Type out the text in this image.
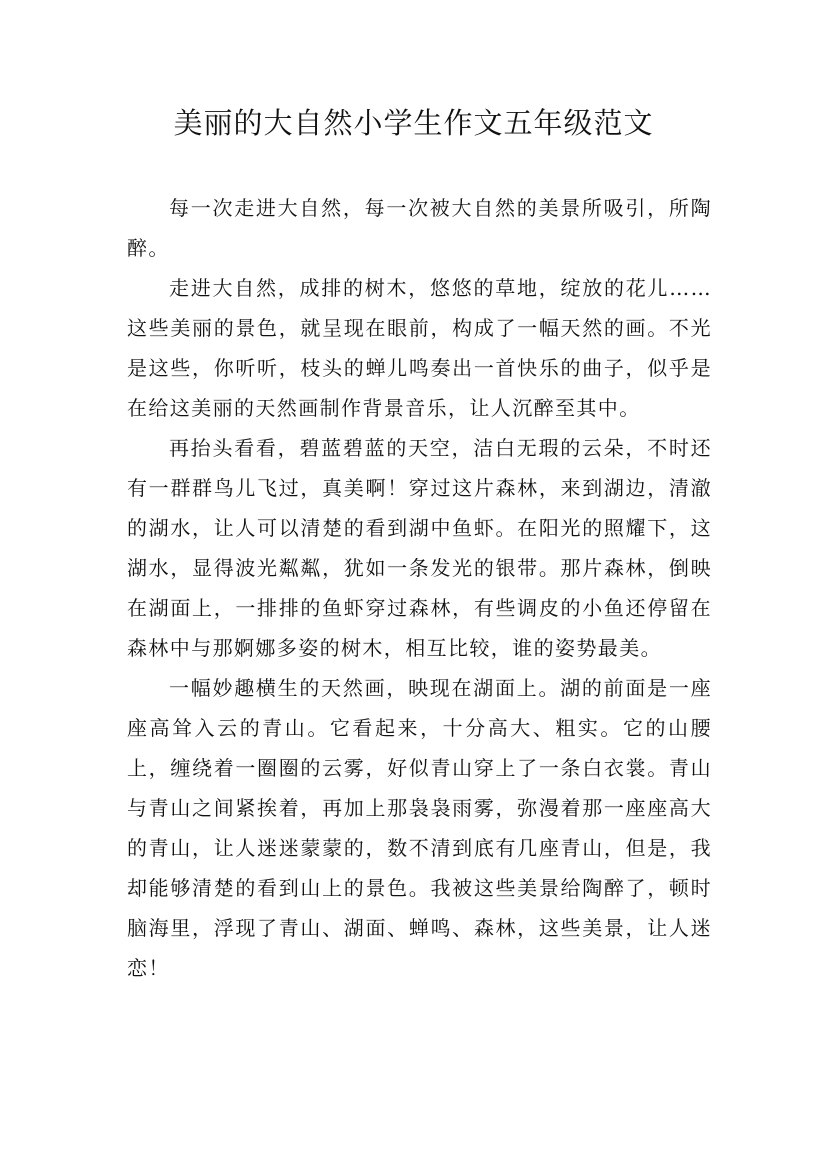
美丽的大自然小学生作文五年级范文

每一次走进大自然，每一次被大自然的美景所吸引，所陶醉。

走进大自然，成排的树木，悠悠的草地，绽放的花儿……这些美丽的景色，就呈现在眼前，构成了一幅天然的画。不光是这些，你听听，枝头的蝉儿鸣奏出一首快乐的曲子，似乎是在给这美丽的天然画制作背景音乐，让人沉醉至其中。

再抬头看看，碧蓝碧蓝的天空，洁白无瑕的云朵，不时还有一群群鸟儿飞过，真美啊！穿过这片森林，来到湖边，清澈的湖水，让人可以清楚的看到湖中鱼虾。在阳光的照耀下，这湖水，显得波光粼粼，犹如一条发光的银带。那片森林，倒映在湖面上，一排排的鱼虾穿过森林，有些调皮的小鱼还停留在森林中与那婀娜多姿的树木，相互比较，谁的姿势最美。

一幅妙趣横生的天然画，映现在湖面上。湖的前面是一座座高耸入云的青山。它看起来，十分高大、粗实。它的山腰上，缠绕着一圈圈的云雾，好似青山穿上了一条白衣裳。青山与青山之间紧挨着，再加上那袅袅雨雾，弥漫着那一座座高大的青山，让人迷迷蒙蒙的，数不清到底有几座青山，但是，我却能够清楚的看到山上的景色。我被这些美景给陶醉了，顿时脑海里，浮现了青山、湖面、蝉鸣、森林，这些美景，让人迷恋！
